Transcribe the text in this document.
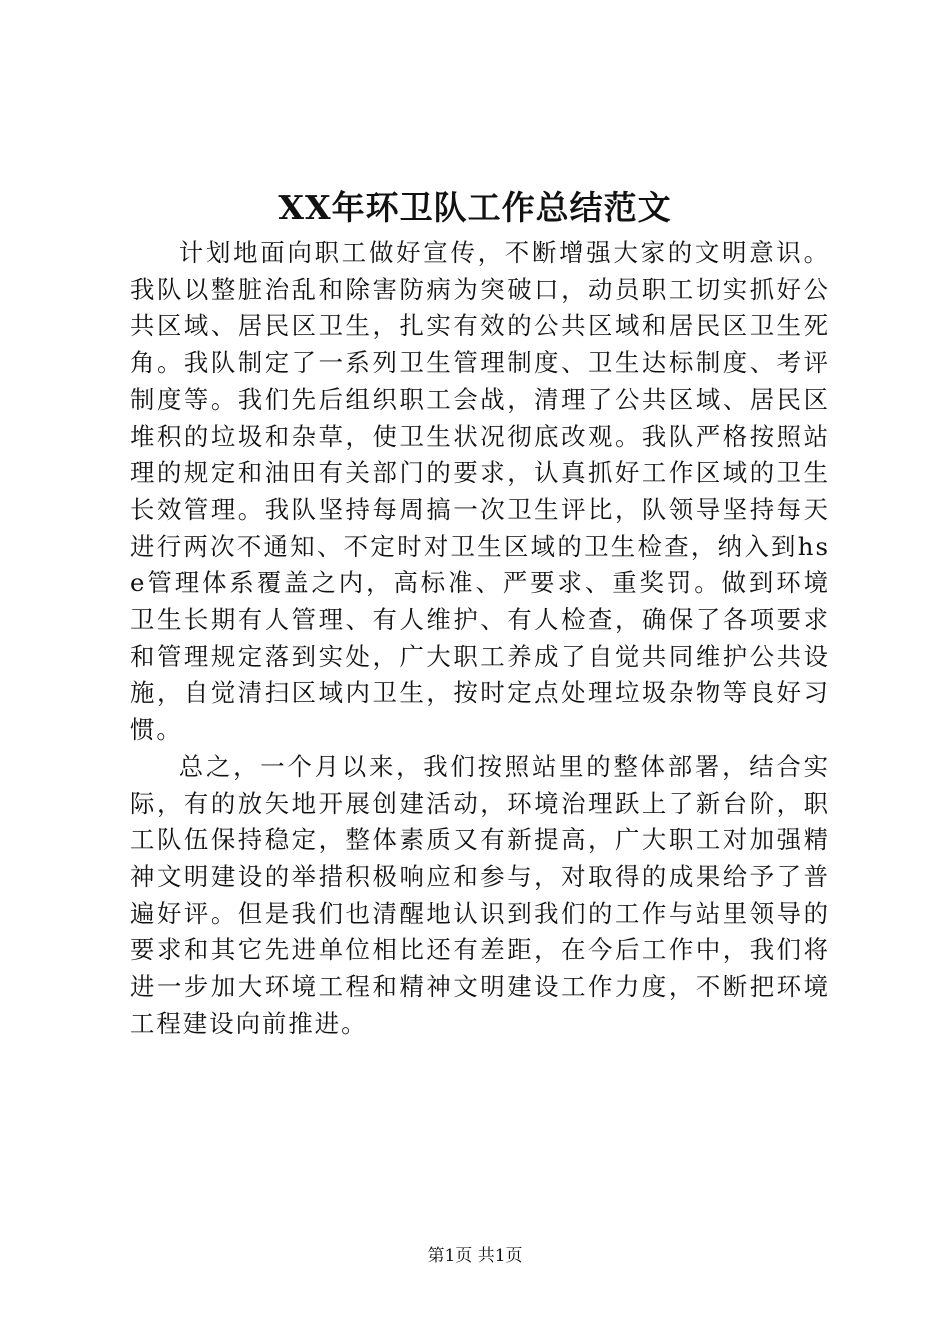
XX年环卫队工作总结范文

计划地面向职工做好宣传，不断增强大家的文明意识。我队以整脏治乱和除害防病为突破口，动员职工切实抓好公共区域、居民区卫生，扎实有效的公共区域和居民区卫生死角。我队制定了一系列卫生管理制度、卫生达标制度、考评制度等。我们先后组织职工会战，清理了公共区域、居民区堆积的垃圾和杂草，使卫生状况彻底改观。我队严格按照站理的规定和油田有关部门的要求，认真抓好工作区域的卫生长效管理。我队坚持每周搞一次卫生评比，队领导坚持每天进行两次不通知、不定时对卫生区域的卫生检查，纳入到hse管理体系覆盖之内，高标准、严要求、重奖罚。做到环境卫生长期有人管理、有人维护、有人检查，确保了各项要求和管理规定落到实处，广大职工养成了自觉共同维护公共设施，自觉清扫区域内卫生，按时定点处理垃圾杂物等良好习惯。

总之，一个月以来，我们按照站里的整体部署，结合实际，有的放矢地开展创建活动，环境治理跃上了新台阶，职工队伍保持稳定，整体素质又有新提高，广大职工对加强精神文明建设的举措积极响应和参与，对取得的成果给予了普遍好评。但是我们也清醒地认识到我们的工作与站里领导的要求和其它先进单位相比还有差距，在今后工作中，我们将进一步加大环境工程和精神文明建设工作力度，不断把环境工程建设向前推进。

第1页 共1页
